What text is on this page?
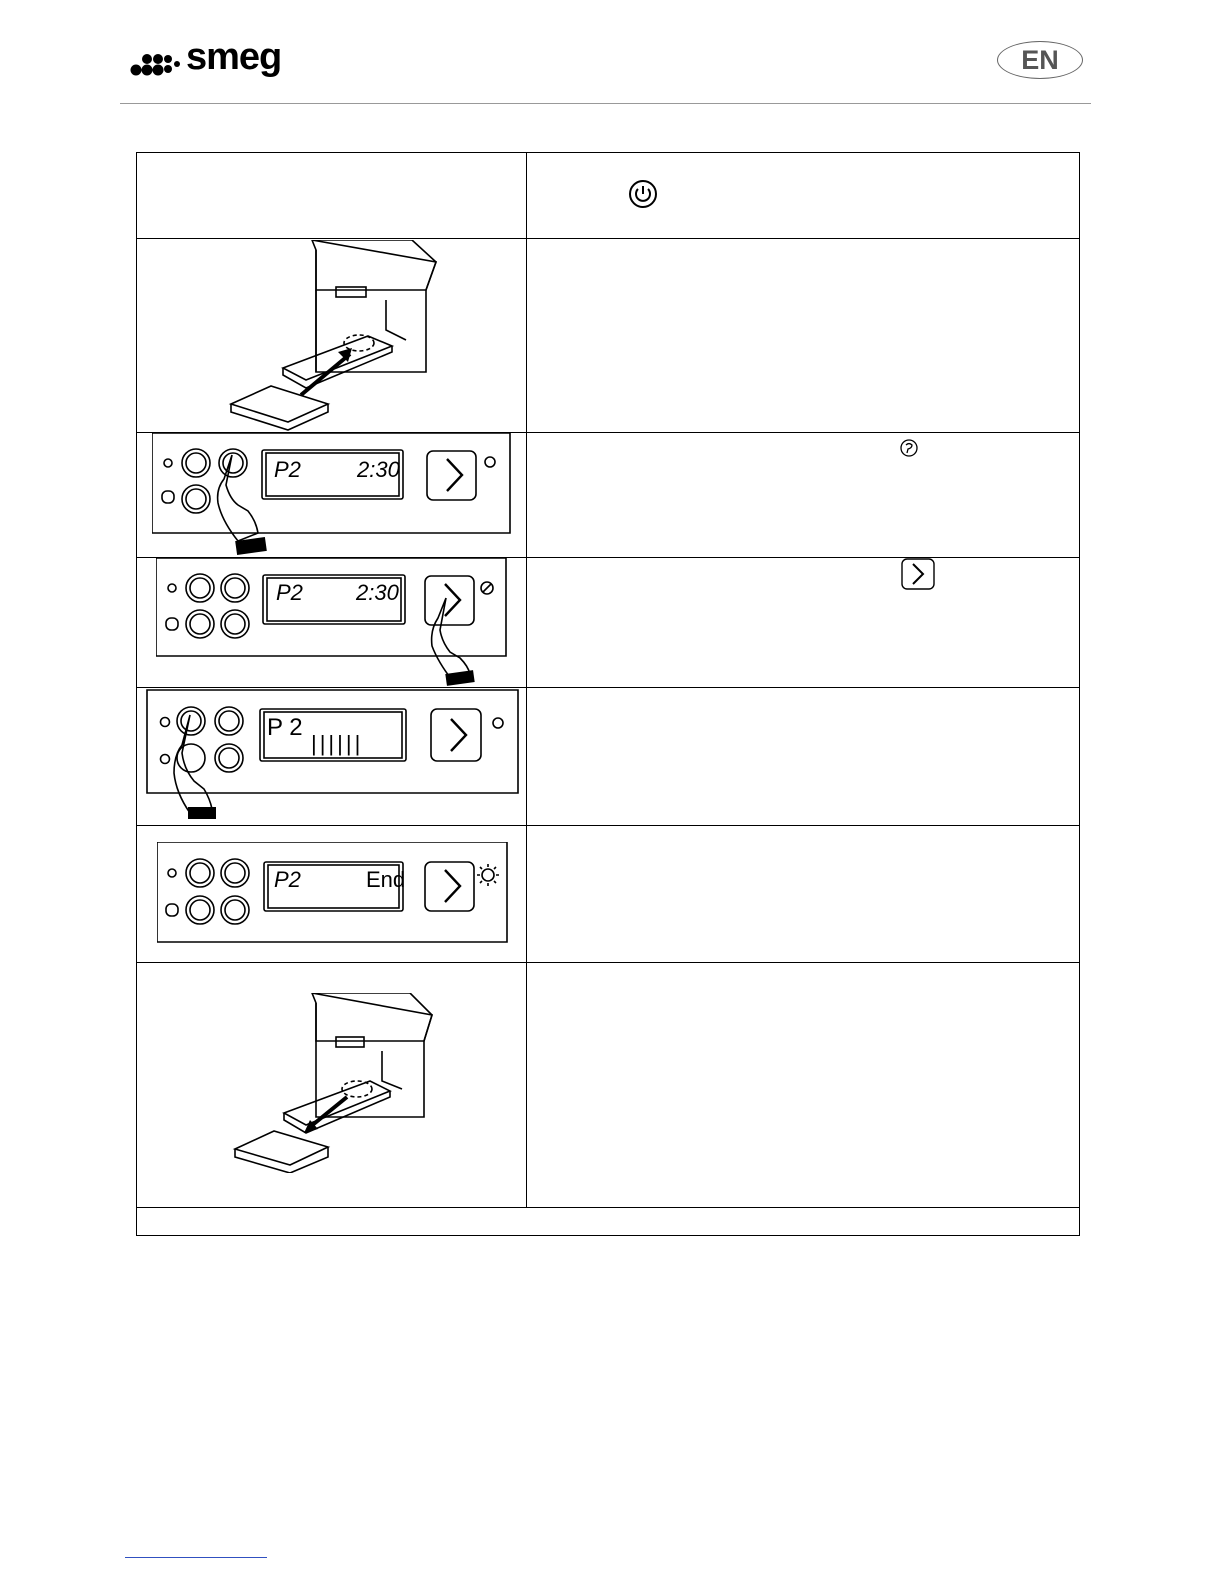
smeg	EN
P2	2:30
P2 2:30
P 2
||||||
P2	End
